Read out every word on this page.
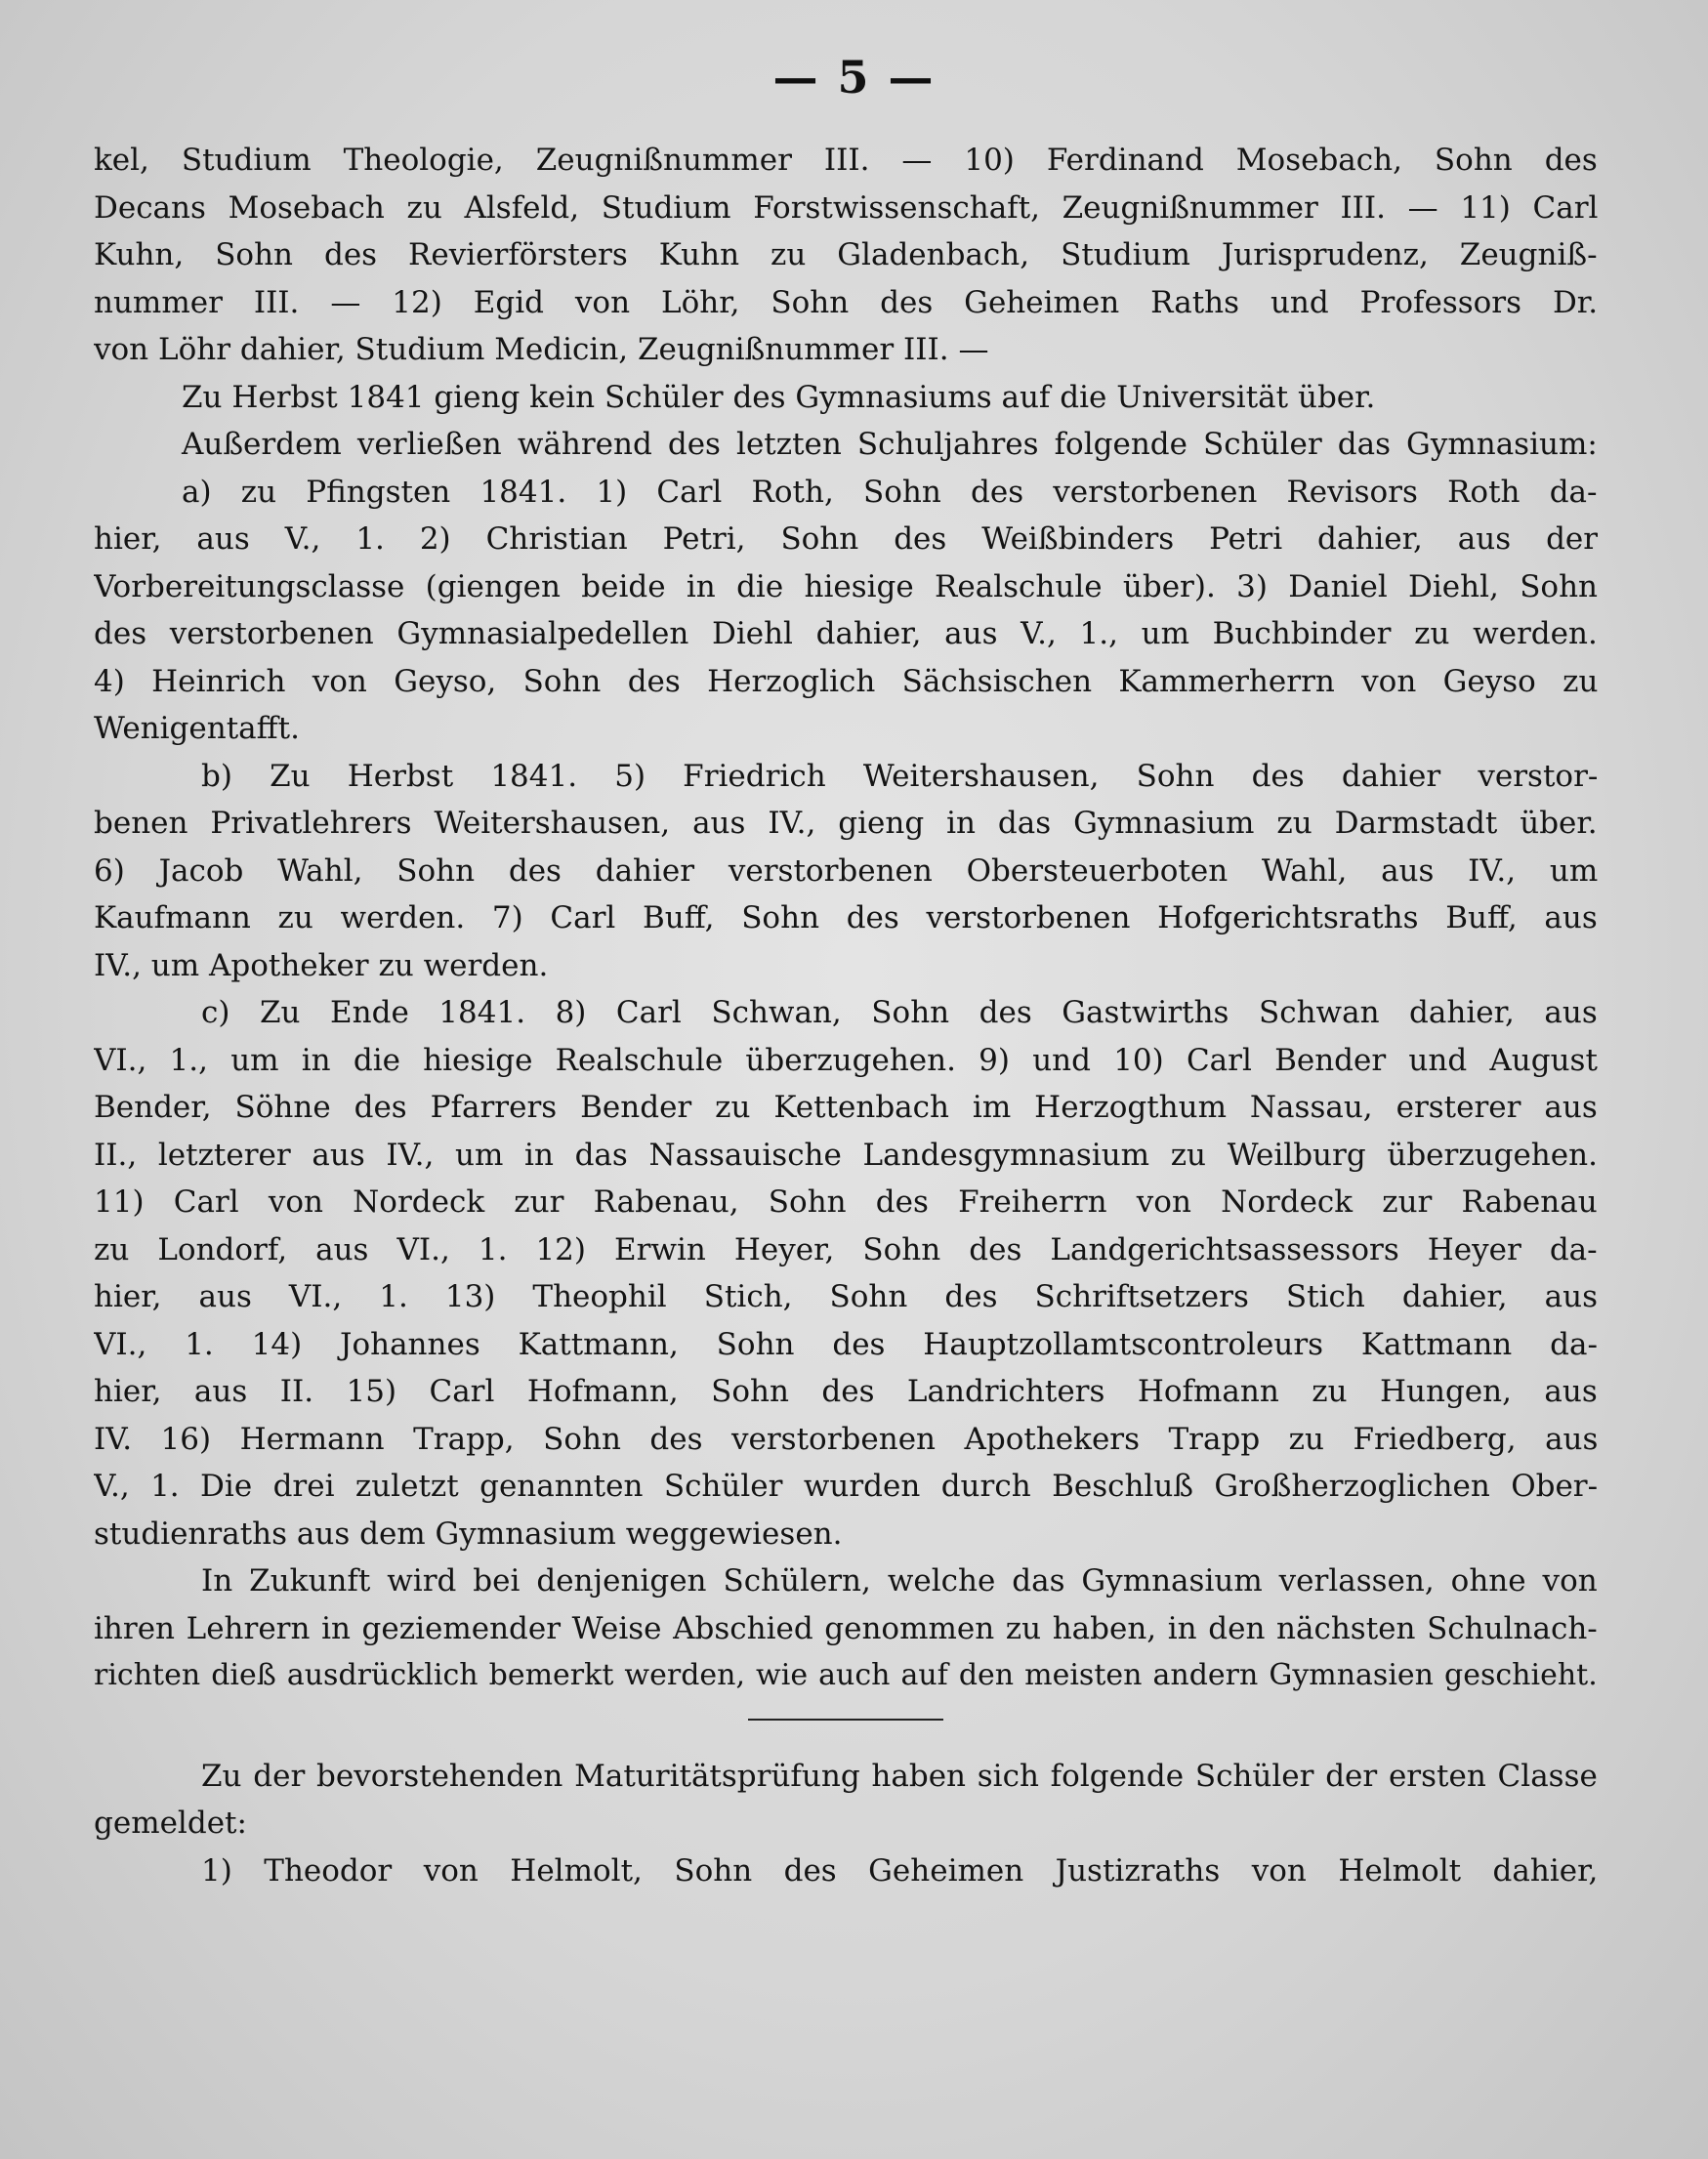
— 5 —
kel, Studium Theologie, Zeugnißnummer III. — 10) Ferdinand Mosebach, Sohn des
Decans Mosebach zu Alsfeld, Studium Forstwissenschaft, Zeugnißnummer III. — 11) Carl
Kuhn, Sohn des Revierförsters Kuhn zu Gladenbach, Studium Jurisprudenz, Zeugniß-
nummer III. — 12) Egid von Löhr, Sohn des Geheimen Raths und Professors Dr.
von Löhr dahier, Studium Medicin, Zeugnißnummer III. —
Zu Herbst 1841 gieng kein Schüler des Gymnasiums auf die Universität über.
Außerdem verließen während des letzten Schuljahres folgende Schüler das Gymnasium:
a) zu Pfingsten 1841. 1) Carl Roth, Sohn des verstorbenen Revisors Roth da-
hier, aus V., 1. 2) Christian Petri, Sohn des Weißbinders Petri dahier, aus der
Vorbereitungsclasse (giengen beide in die hiesige Realschule über). 3) Daniel Diehl, Sohn
des verstorbenen Gymnasialpedellen Diehl dahier, aus V., 1., um Buchbinder zu werden.
4) Heinrich von Geyso, Sohn des Herzoglich Sächsischen Kammerherrn von Geyso zu
Wenigentafft.
b) Zu Herbst 1841. 5) Friedrich Weitershausen, Sohn des dahier verstor-
benen Privatlehrers Weitershausen, aus IV., gieng in das Gymnasium zu Darmstadt über.
6) Jacob Wahl, Sohn des dahier verstorbenen Obersteuerboten Wahl, aus IV., um
Kaufmann zu werden. 7) Carl Buff, Sohn des verstorbenen Hofgerichtsraths Buff, aus
IV., um Apotheker zu werden.
c) Zu Ende 1841. 8) Carl Schwan, Sohn des Gastwirths Schwan dahier, aus
VI., 1., um in die hiesige Realschule überzugehen. 9) und 10) Carl Bender und August
Bender, Söhne des Pfarrers Bender zu Kettenbach im Herzogthum Nassau, ersterer aus
II., letzterer aus IV., um in das Nassauische Landesgymnasium zu Weilburg überzugehen.
11) Carl von Nordeck zur Rabenau, Sohn des Freiherrn von Nordeck zur Rabenau
zu Londorf, aus VI., 1. 12) Erwin Heyer, Sohn des Landgerichtsassessors Heyer da-
hier, aus VI., 1. 13) Theophil Stich, Sohn des Schriftsetzers Stich dahier, aus
VI., 1. 14) Johannes Kattmann, Sohn des Hauptzollamtscontroleurs Kattmann da-
hier, aus II. 15) Carl Hofmann, Sohn des Landrichters Hofmann zu Hungen, aus
IV. 16) Hermann Trapp, Sohn des verstorbenen Apothekers Trapp zu Friedberg, aus
V., 1. Die drei zuletzt genannten Schüler wurden durch Beschluß Großherzoglichen Ober-
studienraths aus dem Gymnasium weggewiesen.
In Zukunft wird bei denjenigen Schülern, welche das Gymnasium verlassen, ohne von
ihren Lehrern in geziemender Weise Abschied genommen zu haben, in den nächsten Schulnach-
richten dieß ausdrücklich bemerkt werden, wie auch auf den meisten andern Gymnasien geschieht.
Zu der bevorstehenden Maturitätsprüfung haben sich folgende Schüler der ersten Classe
gemeldet:
1) Theodor von Helmolt, Sohn des Geheimen Justizraths von Helmolt dahier,
